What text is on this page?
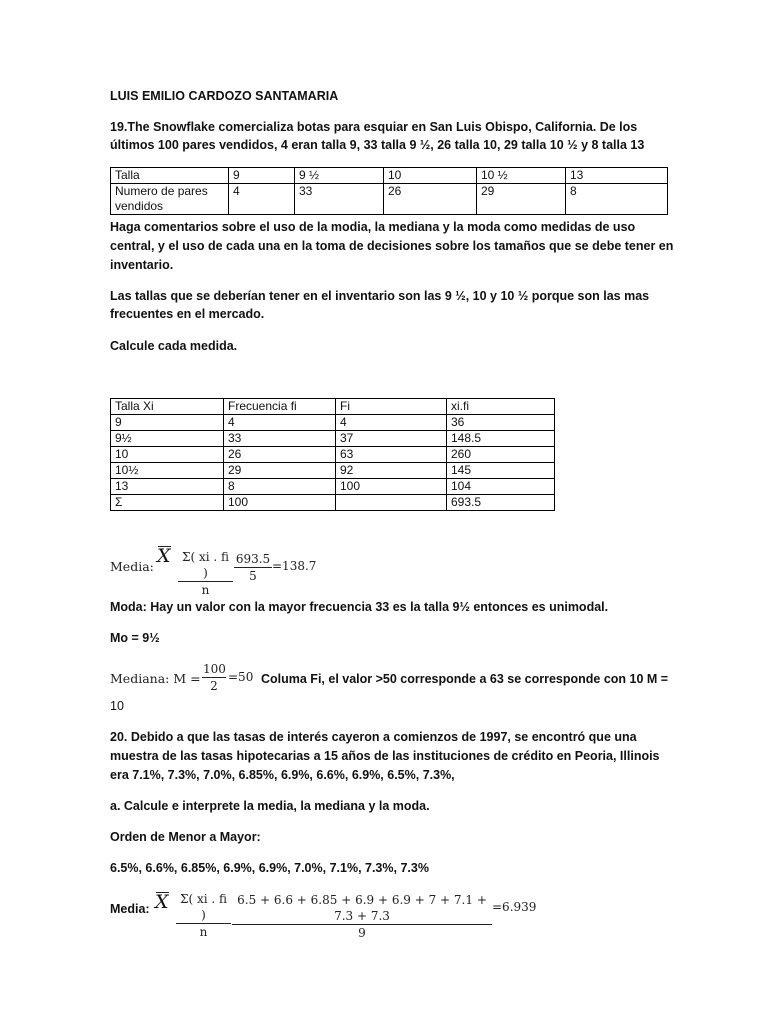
LUIS EMILIO CARDOZO SANTAMARIA
19.The Snowflake comercializa botas para esquiar en San Luis Obispo, California. De los
últimos 100 pares vendidos, 4 eran talla 9, 33 talla 9 ½, 26 talla 10, 29 talla 10 ½ y 8 talla 13
Talla	9	9 ½	10	10 ½	13
Numero de pares
vendidos	4	33	26	29	8
Haga comentarios sobre el uso de la modia, la mediana y la moda como medidas de uso
central, y el uso de cada una en la toma de decisiones sobre los tamaños que se debe tener en
inventario.
Las tallas que se deberían tener en el inventario son las 9 ½, 10 y 10 ½ porque son las mas
frecuentes en el mercado.
Calcule cada medida.
Talla Xi	Frecuencia fi	Fi	xi.fi
9	4	4	36
9½	33	37	148.5
10	26	63	260
10½	29	92	145
13	8	100	104
Σ	100		693.5
Media: X $\frac{\Sigma( xi . fi )}{n} \frac{693.5}{5} =138.7$
Moda: Hay un valor con la mayor frecuencia 33 es la talla 9½ entonces es unimodal.
Mo = 9½
Mediana: $M = \frac{100}{2} =50$ Columa Fi, el valor >50 corresponde a 63 se corresponde con 10 M =
10
20. Debido a que las tasas de interés cayeron a comienzos de 1997, se encontró que una
muestra de las tasas hipotecarias a 15 años de las instituciones de crédito en Peoria, Illinois
era 7.1%, 7.3%, 7.0%, 6.85%, 6.9%, 6.6%, 6.9%, 6.5%, 7.3%,
a. Calcule e interprete la media, la mediana y la moda.
Orden de Menor a Mayor:
6.5%, 6.6%, 6.85%, 6.9%, 6.9%, 7.0%, 7.1%, 7.3%, 7.3%
Media: X $\frac{\Sigma( xi . fi )}{n} \frac{6.5 + 6.6 + 6.85 + 6.9 + 6.9 + 7 + 7.1 + 7.3 + 7.3}{9} =6.939$
